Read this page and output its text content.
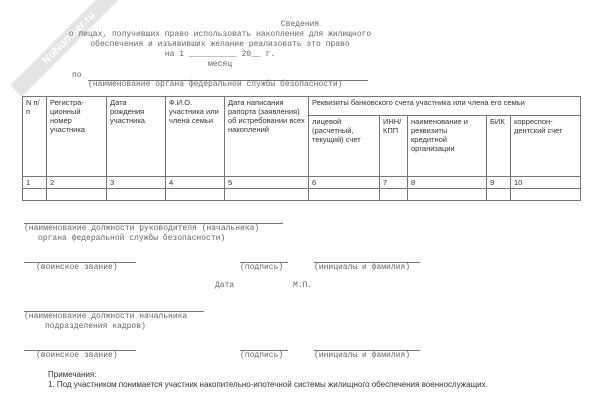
NoNumber.ru	Сведения
о лицах, получивших право использовать накопления для жилищного
обеспечения и изъявивших желание реализовать это право
на 1 __________ 20__ г.
месяц
по
(наименование органа федеральной службы безопасности)
N п/п	Регистра-ционный номер участника	Дата рождения участника	Ф.И.О. участника или члена семьи	Дата написания рапорта (заявления) об истребовании всех накоплений	Реквизиты банковского счета участника или члена его семьи				
					лицевой (расчетный, текущий) счет	ИНН/ КПП	наименование и реквизиты кредитной организации	БИК	корреспон-дентский счет
1	2	3	4	5	6	7	8	9	10

(наименование должности руководителя (начальника)
органа федеральной службы безопасности)
(воинское звание)	(подпись)	(инициалы и фамилия)
Дата	М.П.
(наименование должности начальника
подразделения кадров)
(воинское звание)	(подпись)	(инициалы и фамилия)
Примечания:
1. Под участником понимается участник накопительно-ипотечной системы жилищного обеспечения военнослужащих.
